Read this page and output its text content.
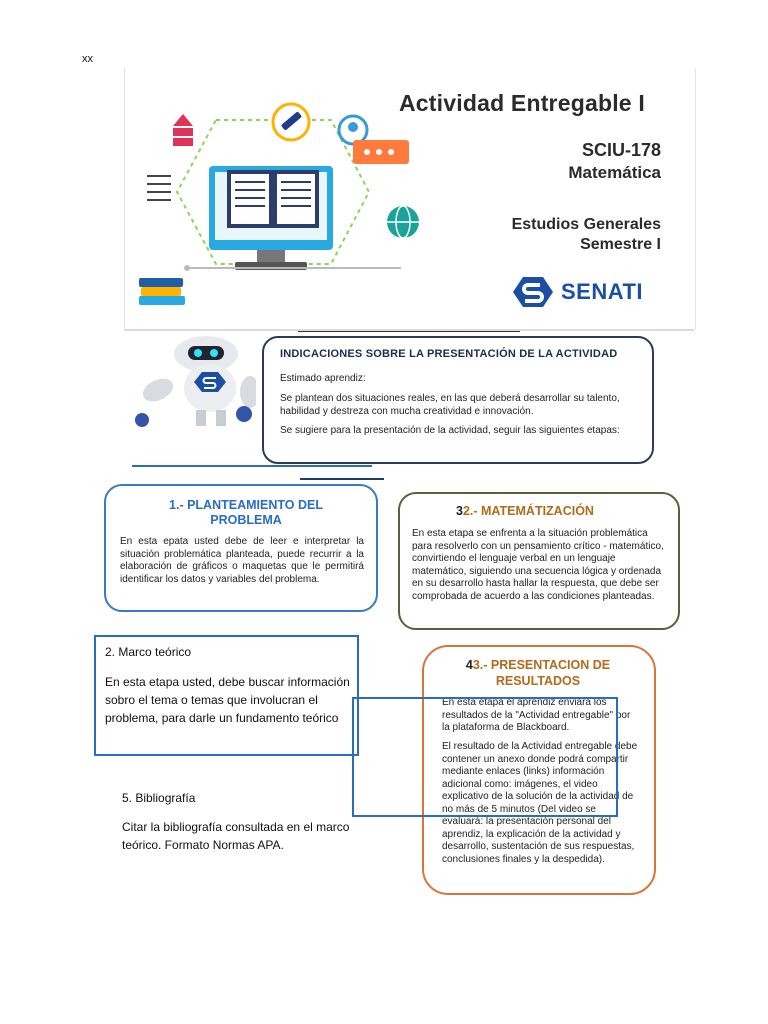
xx
Actividad Entregable I
SCIU-178
Matemática
Estudios Generales
Semestre I
SENATI
INDICACIONES SOBRE LA PRESENTACIÓN DE LA ACTIVIDAD
Estimado aprendiz:
Se plantean dos situaciones reales, en las que deberá desarrollar su talento, habilidad y destreza con mucha creatividad e innovación.
Se sugiere para la presentación de la actividad, seguir las siguientes etapas:
1.- PLANTEAMIENTO DEL PROBLEMA
En esta epata usted debe de leer e interpretar la situación problemática planteada, puede recurrir a la elaboración de gráficos o maquetas que le permitirá identificar los datos y variables del problema.
32.- MATEMÁTIZACIÓN
En esta etapa se enfrenta a la situación problemática para resolverlo con un pensamiento crítico - matemático, convirtiendo el lenguaje verbal en un lenguaje matemático, siguiendo una secuencia lógica y ordenada en su desarrollo hasta hallar la respuesta, que debe ser comprobada de acuerdo a las condiciones planteadas.
43.- PRESENTACION DE RESULTADOS
En esta etapa el aprendiz enviará los resultados de la "Actividad entregable" por la plataforma de Blackboard.
El resultado de la Actividad entregable debe contener un anexo donde podrá compartir mediante enlaces (links) información adicional como: imágenes, el video explicativo de la solución de la actividad de no más de 5 minutos (Del video se evaluará: la presentación personal del aprendiz, la explicación de la actividad y desarrollo, sustentación de sus respuestas, conclusiones finales y la despedida).
2. Marco teórico
En esta etapa usted, debe buscar información sobro el tema o temas que involucran el problema, para darle un fundamento teórico
5. Bibliografía
Citar la bibliografía consultada en el marco teórico. Formato Normas APA.
